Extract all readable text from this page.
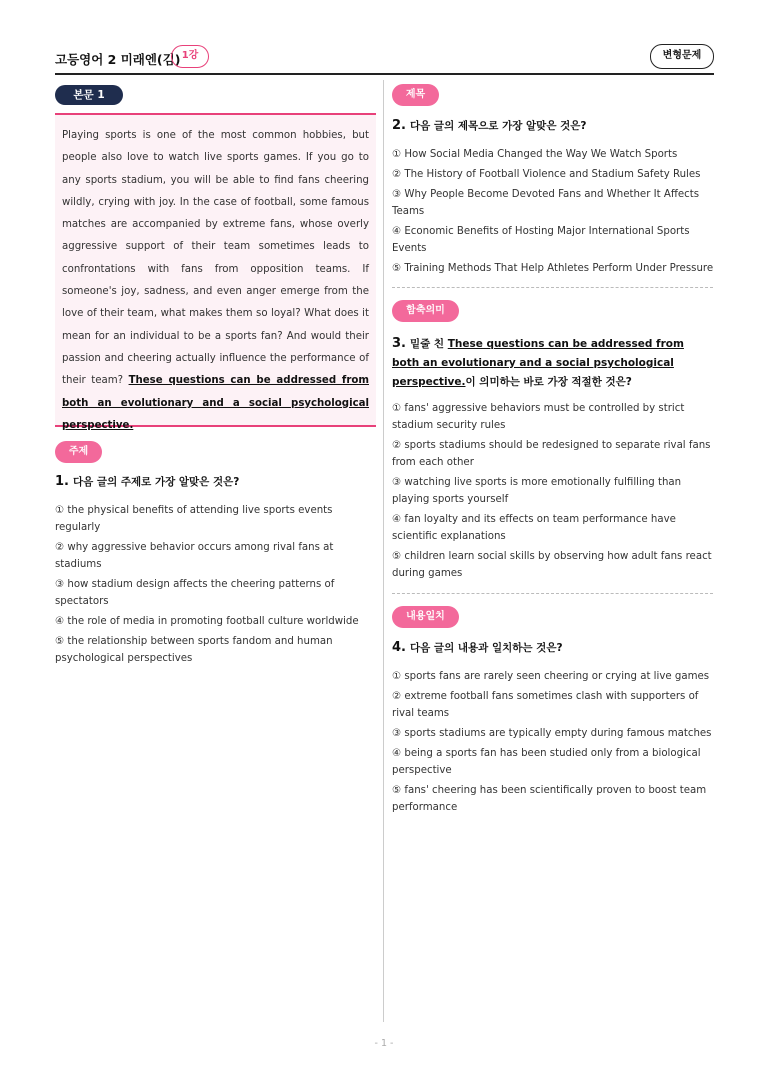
고등영어 2 미래엔(김) 1강	변형문제
본문 1

Playing sports is one of the most common hobbies, but people also love to watch live sports games. If you go to any sports stadium, you will be able to find fans cheering wildly, crying with joy. In the case of football, some famous matches are accompanied by extreme fans, whose overly aggressive support of their team sometimes leads to confrontations with fans from opposition teams. If someone's joy, sadness, and even anger emerge from the love of their team, what makes them so loyal? What does it mean for an individual to be a sports fan? And would their passion and cheering actually influence the performance of their team? These questions can be addressed from both an evolutionary and a social psychological perspective.

주제
1. 다음 글의 주제로 가장 알맞은 것은?
① the physical benefits of attending live sports events regularly
② why aggressive behavior occurs among rival fans at stadiums
③ how stadium design affects the cheering patterns of spectators
④ the role of media in promoting football culture worldwide
⑤ the relationship between sports fandom and human psychological perspectives
제목
2. 다음 글의 제목으로 가장 알맞은 것은?
① How Social Media Changed the Way We Watch Sports
② The History of Football Violence and Stadium Safety Rules
③ Why People Become Devoted Fans and Whether It Affects Teams
④ Economic Benefits of Hosting Major International Sports Events
⑤ Training Methods That Help Athletes Perform Under Pressure
함축의미
3. 밑줄 친 These questions can be addressed from both an evolutionary and a social psychological perspective.이 의미하는 바로 가장 적절한 것은?
① fans' aggressive behaviors must be controlled by strict stadium security rules
② sports stadiums should be redesigned to separate rival fans from each other
③ watching live sports is more emotionally fulfilling than playing sports yourself
④ fan loyalty and its effects on team performance have scientific explanations
⑤ children learn social skills by observing how adult fans react during games
내용일치
4. 다음 글의 내용과 일치하는 것은?
① sports fans are rarely seen cheering or crying at live games
② extreme football fans sometimes clash with supporters of rival teams
③ sports stadiums are typically empty during famous matches
④ being a sports fan has been studied only from a biological perspective
⑤ fans' cheering has been scientifically proven to boost team performance
- 1 -
